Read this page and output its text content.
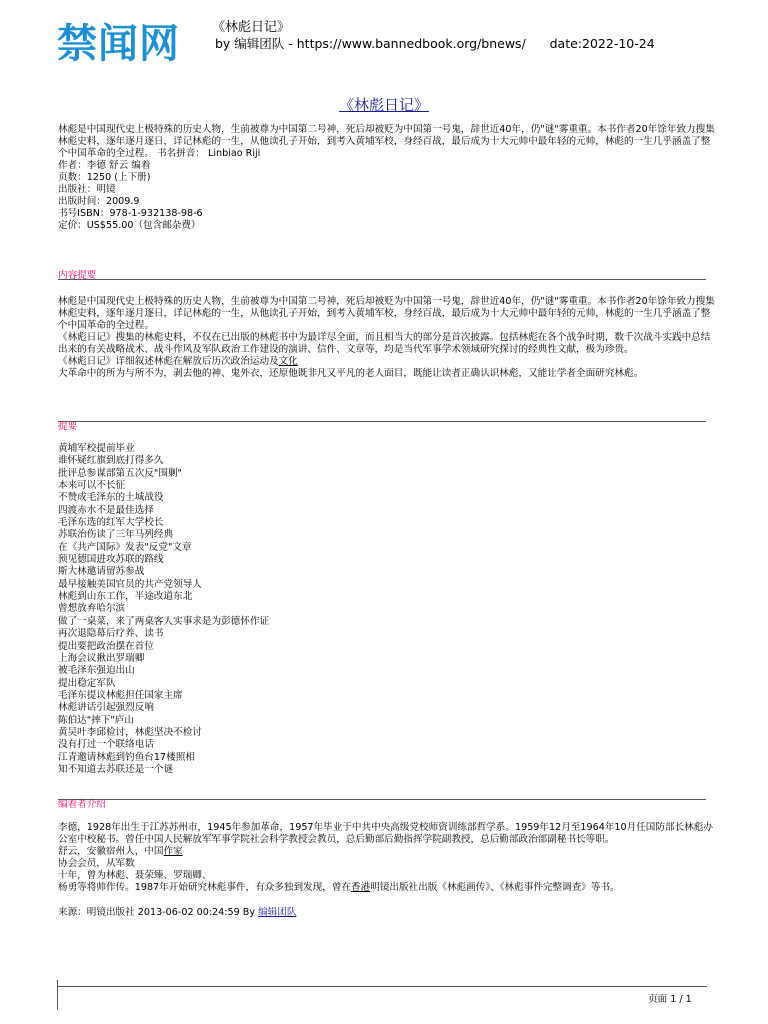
禁闻网 《林彪日记》
by 编辑团队 - https://www.bannedbook.org/bnews/      date:2022-10-24
《林彪日记》
林彪是中国现代史上极特殊的历史人物，生前被尊为中国第二号神，死后却被贬为中国第一号鬼，辞世近40年，仍"谜"雾重重。本书作者20年馀年致力搜集林彪史料，逐年逐月逐日，详记林彪的一生，从他读孔子开始，到考入黄埔军校，身经百战，最后成为十大元帅中最年轻的元帅，林彪的一生几乎涵盖了整个中国革命的全过程。 书名拼音： Linbiao Riji
作者：李德 舒云 编着
页数：1250 (上下册)
出版社：明镜
出版时间：2009.9
书号ISBN：978-1-932138-98-6
定价：US$55.00（包含邮杂费）
内容提要
林彪是中国现代史上极特殊的历史人物，生前被尊为中国第二号神，死后却被贬为中国第一号鬼，辞世近40年，仍"谜"雾重重。本书作者20年馀年致力搜集林彪史料，逐年逐月逐日，详记林彪的一生，从他读孔子开始，到考入黄埔军校，身经百战，最后成为十大元帅中最年轻的元帅，林彪的一生几乎涵盖了整个中国革命的全过程。
《林彪日记》搜集的林彪史料，不仅在已出版的林彪书中为最详尽全面，而且相当大的部分是首次披露。包括林彪在各个战争时期，数千次战斗实践中总结出来的有关战略战术、战斗作风及军队政治工作建设的演讲、信件、文章等，均是当代军事学术领域研究探讨的经典性文献，极为珍贵。
《林彪日记》详细叙述林彪在解放后历次政治运动及文化
大革命中的所为与所不为，剥去他的神、鬼外衣，还原他既非凡又平凡的老人面目，既能让读者正确认识林彪，又能让学者全面研究林彪。
提要
黄埔军校提前毕业
谁怀疑红旗到底打得多久
批评总参谋部第五次反"围剿"
本来可以不长征
不赞成毛泽东的土城战役
四渡赤水不是最佳选择
毛泽东选的红军大学校长
苏联治伤读了三年马列经典
在《共产国际》发表"反党"文章
预见德国进攻苏联的路线
斯大林邀请留苏参战
最早接触美国官员的共产党领导人
林彪到山东工作，半途改道东北
曾想放弃哈尔滨
做了一桌菜，来了两桌客人实事求是为彭德怀作证
再次退隐幕后疗养、读书
提出要把政治摆在首位
上海会议揪出罗瑞卿
被毛泽东强迫出山
提出稳定军队
毛泽东提议林彪担任国家主席
林彪讲话引起强烈反响
陈伯达"摔下"庐山
黄吴叶李邱检讨，林彪坚决不检讨
没有打过一个联络电话
江青邀请林彪到钓鱼台17楼照相
知不知道去苏联还是一个谜
编着者介绍
李德，1928年出生于江苏苏州市，1945年参加革命，1957年毕业于中共中央高级党校师资训练部哲学系。1959年12月至1964年10月任国防部长林彪办公室中校秘书。曾任中国人民解放军军事学院社会科学教授会教员，总后勤部后勤指挥学院副教授，总后勤部政治部副秘书长等职。
舒云，安徽宿州人，中国作家
协会会员，从军数
十年，曾为林彪、聂荣臻、罗瑞卿、
杨勇等将帅作传。1987年开始研究林彪事件，有众多独到发现，曾在香港明镜出版社出版《林彪画传》、《林彪事件完整调查》等书。
来源：明镜出版社 2013-06-02 00:24:59 By 编辑团队
页面 1 / 1
